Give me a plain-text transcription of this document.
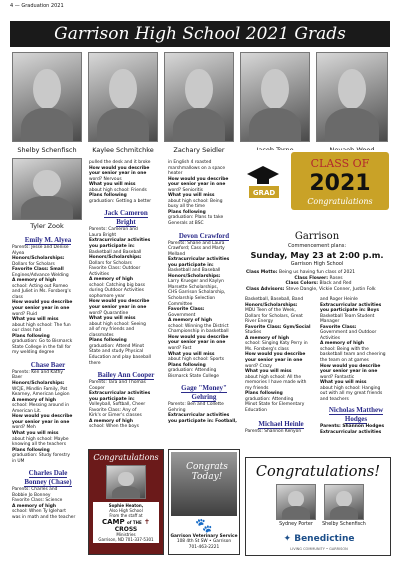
4 — Graduation 2021
Garrison High School 2021 Grads
Shelby Schenfisch	Kaylee Schmitchke	Zachary Seidler
Tyler Zook
Emily M. Alyea
Parents: Jesse and Denise
Alyea
Honors/Scholarships:
Dollars for Scholars
Favorite Class: Small
Engines/Advance Welding
A memory of high
school: Acting out Romeo
and Juliet in Ms. Forsberg's
class
How would you describe
your senior year in one
word? Fluid
What you will miss
about high school: The fun
our class had
Plans following
graduation: Go to Bismarck
State College in the fall for
my welding degree
Chase Baer
Parents: Ken and Kathy
Baer
Honors/Scholarships:
WCJE, Mindlin Family, Pat
Kearney, American Legion
A memory of high
school: Messing around in
American Lit.
How would you describe
your senior year in one
word? Meh
What you will miss
about high school: Maybe
knowing all the teachers
Plans following
graduation: Study forestry
in UM
Charles Dale
Bonney (Chase)
Parents: Charles and
Bobbie Jo Bonney
Favorite Class: Science
A memory of high
school: When Ty Iglehart
was in math and the teacher
pulled the desk and it broke
How would you describe
your senior year in one
word? Nervous
What you will miss
about high school: Friends
Plans following
graduation: Getting a better
Jack Cameron
Bright
Parents: Cameron and
Laura Bright
Extracurricular activities
you participate in:
Basketball and Baseball
Honors/Scholarships:
Dollars for Scholars
Favorite Class: Outdoor
Activities
A memory of high
school: Catching big bass
during Outdoor Activities
sophomore year
How would you describe
your senior year in one
word? Quarantine
What you will miss
about high school: Seeing
all of my friends and
classmates
Plans following
graduation: Attend Minot
State and study Physical
Education and play baseball
there
Bailey Ann Cooper
Parents: Tara and Thomas
Cooper
Extracurricular activities
you participate in:
Volleyball, Softball, Cheer
Favorite Class: Any of
Kirk's or Eimer's classes
A memory of high
school: When the boys
in English 4 roasted
marshmallows on a space
heater
How would you describe
your senior year in one
word? Senioritis
What you will miss
about high school: Being
busy all the time
Plans following
graduation: Plans to take
Generals at BSC
Devon Crawford
Parents: Shane and Laura
Crawford; Cass and Marty
Melland
Extracurricular activities
you participate in:
Basketball and Baseball
Honors/Scholarships:
Larry Krueger and Kaylyn
Marsette Scholarships,
CHS Garrison Scholarship,
Scholarship Selection
Committee
Favorite Class:
Government
A memory of high
school: Winning the District
Championship in basketball
How would you describe
your senior year in one
word? Fast
What you will miss
about high school: Sports
Plans following
graduation: Attending
Bismarck State College
Gage "Money"
Gehring
Parents: Ben and Collette
Gehring
Extracurricular activities
you participate in: Football,
GRAD
CLASS OF
2021
Congratulations
Garrison
Commencement plans:
Sunday, May 23 at 2:00 p.m.
Garrison High School
Class Motto: Being us having fun class of 2021
Class Flower: Roses
Class Colors: Black and Red
Class Advisors: Steve Dangle, Vickie Conner, Justin Folk
Basketball, Baseball, Band
Honors/Scholarships:
MDU Teen of the Week,
Dollars for Scholars, Great
River Energy
Favorite Class: Gym/Social
Studies
A memory of high
school: Singing Katy Perry in
Ms. Forsberg's class
How would you describe
your senior year in one
word? Crazy
What you will miss
about high school: All the
memories I have made with
my friends
Plans following
graduation: Attending
Minot State for Elementary
Education
Michael Heinle
Parents: Shannon Kenyon
and Roger Heinle
Extracurricular activities
you participate in: Boys
Basketball Team Student
Manager
Favorite Class:
Government and Outdoor
Activities
A memory of high
school: Being with the
basketball team and cheering
the team on at games
How would you describe
your senior year in one
word? Fantastic
What you will miss
about high school: Hanging
out with all my great friends
and teachers
Nicholas Matthew
Hodges
Parents: Shannon Hodges
Extracurricular activities
Congratulations
Sophie Heaton,
Also High School
From the staff at
CAMP of THE ✝
CROSS
Ministries
Garrison, ND 701-337-5301
Congrats Today!
🐾
Garrison Veterinary Service
108 4th St SW • Garrison
701-463-2221
Congratulations!
Sydney Porter	Shelby Schenfisch
✦ Benedictine
LIVING COMMUNITY • GARRISON
